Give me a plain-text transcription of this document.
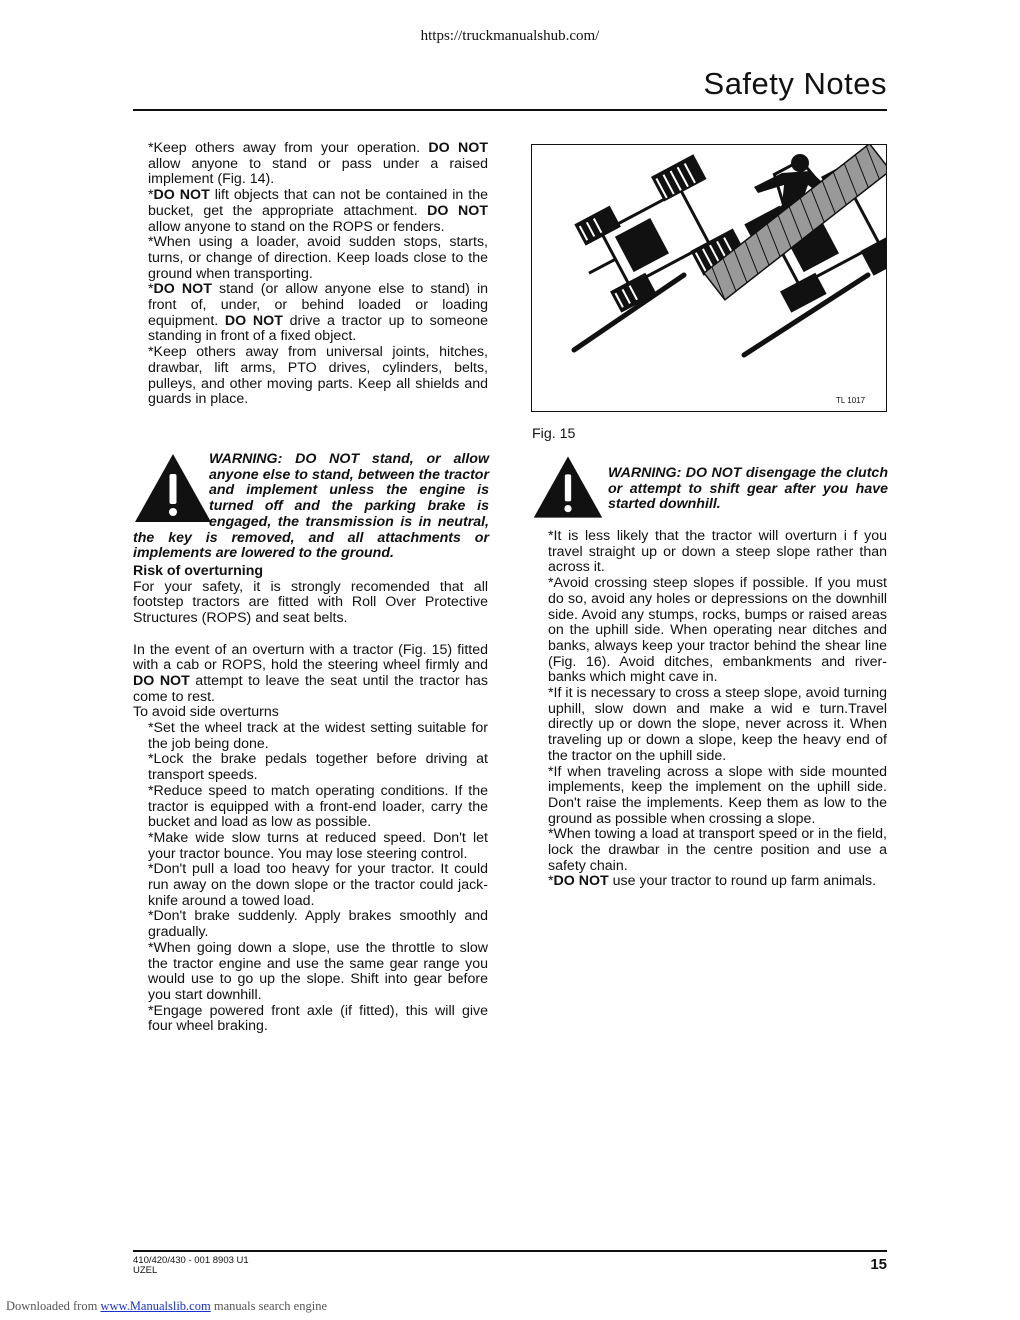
https://truckmanualshub.com/
Safety Notes

*Keep others away from your operation. DO NOT allow anyone to stand or pass under a raised implement (Fig. 14).

*DO NOT lift objects that can not be contained in the bucket, get the appropriate attachment. DO NOT allow anyone to stand on the ROPS or fenders.

*When using a loader, avoid sudden stops, starts, turns, or change of direction. Keep loads close to the ground when transporting.

*DO NOT stand (or allow anyone else to stand) in front of, under, or behind loaded or loading equipment. DO NOT drive a tractor up to someone standing in front of a fixed object.

*Keep others away from universal joints, hitches, drawbar, lift arms, PTO drives, cylinders, belts, pulleys, and other moving parts. Keep all shields and guards in place.

WARNING: DO NOT stand, or allow anyone else to stand, between the tractor and implement unless the engine is turned off and the parking brake is engaged, the transmission is in neutral, the key is removed, and all attachments or implements are lowered to the ground.

Risk of overturning

For your safety, it is strongly recomended that all footstep tractors are fitted with Roll Over Protective Structures (ROPS) and seat belts.

In the event of an overturn with a tractor (Fig. 15) fitted with a cab or ROPS, hold the steering wheel firmly and DO NOT attempt to leave the seat until the tractor has come to rest.

To avoid side overturns

*Set the wheel track at the widest setting suitable for the job being done.

*Lock the brake pedals together before driving at transport speeds.

*Reduce speed to match operating conditions. If the tractor is equipped with a front-end loader, carry the bucket and load as low as possible.

*Make wide slow turns at reduced speed. Don't let your tractor bounce. You may lose steering control.

*Don't pull a load too heavy for your tractor. It could run away on the down slope or the tractor could jack-knife around a towed load.

*Don't brake suddenly. Apply brakes smoothly and gradually.

*When going down a slope, use the throttle to slow the tractor engine and use the same gear range you would use to go up the slope. Shift into gear before you start downhill.

*Engage powered front axle (if fitted), this will give four wheel braking.

TL 1017
Fig. 15
WARNING: DO NOT disengage the clutch or attempt to shift gear after you have started downhill.

*It is less likely that the tractor will overturn i f you travel straight up or down a steep slope rather than across it.

*Avoid crossing steep slopes if possible. If you must do so, avoid any holes or depressions on the downhill side. Avoid any stumps, rocks, bumps or raised areas on the uphill side. When operating near ditches and banks, always keep your tractor behind the shear line (Fig. 16). Avoid ditches, embankments and river-banks which might cave in.

*If it is necessary to cross a steep slope, avoid turning uphill, slow down and make a wid e turn.Travel directly up or down the slope, never across it. When traveling up or down a slope, keep the heavy end of the tractor on the uphill side.

*If when traveling across a slope with side mounted implements, keep the implement on the uphill side. Don't raise the implements. Keep them as low to the ground as possible when crossing a slope.

*When towing a load at transport speed or in the field, lock the drawbar in the centre position and use a safety chain.

*DO NOT use your tractor to round up farm animals.

410/420/430 - 001 8903 U1
UZEL	15
Downloaded from www.Manualslib.com manuals search engine
